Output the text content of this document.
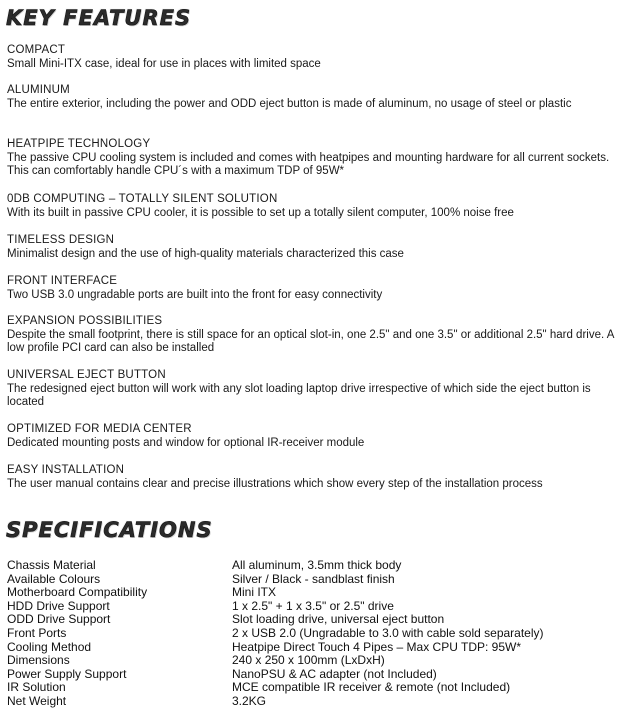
KEY FEATURES
COMPACT
Small Mini-ITX case, ideal for use in places with limited space
ALUMINUM
The entire exterior, including the power and ODD eject button is made of aluminum, no usage of steel or plastic
HEATPIPE TECHNOLOGY
The passive CPU cooling system is included and comes with heatpipes and mounting hardware for all current sockets. This can comfortably handle CPU´s with a maximum TDP of 95W*
0DB COMPUTING – TOTALLY SILENT SOLUTION
With its built in passive CPU cooler, it is possible to set up a totally silent computer, 100% noise free
TIMELESS DESIGN
Minimalist design and the use of high-quality materials characterized this case
FRONT INTERFACE
Two USB 3.0 ungradable ports are built into the front for easy connectivity
EXPANSION POSSIBILITIES
Despite the small footprint, there is still space for an optical slot-in, one 2.5" and one 3.5" or additional 2.5" hard drive. A low profile PCI card can also be installed
UNIVERSAL EJECT BUTTON
The redesigned eject button will work with any slot loading laptop drive irrespective of which side the eject button is located
OPTIMIZED FOR MEDIA CENTER
Dedicated mounting posts and window for optional IR-receiver module
EASY INSTALLATION
The user manual contains clear and precise illustrations which show every step of the installation process
SPECIFICATIONS
Chassis Material	All aluminum, 3.5mm thick body
Available Colours	Silver / Black - sandblast finish
Motherboard Compatibility	Mini ITX
HDD Drive Support	1 x 2.5" + 1 x 3.5" or 2.5" drive
ODD Drive Support	Slot loading drive, universal eject button
Front Ports	2 x USB 2.0 (Ungradable to 3.0 with cable sold separately)
Cooling Method	Heatpipe Direct Touch 4 Pipes – Max CPU TDP: 95W*
Dimensions	240 x 250 x 100mm (LxDxH)
Power Supply Support	NanoPSU & AC adapter (not Included)
IR Solution	MCE compatible IR receiver & remote (not Included)
Net Weight	3.2KG
